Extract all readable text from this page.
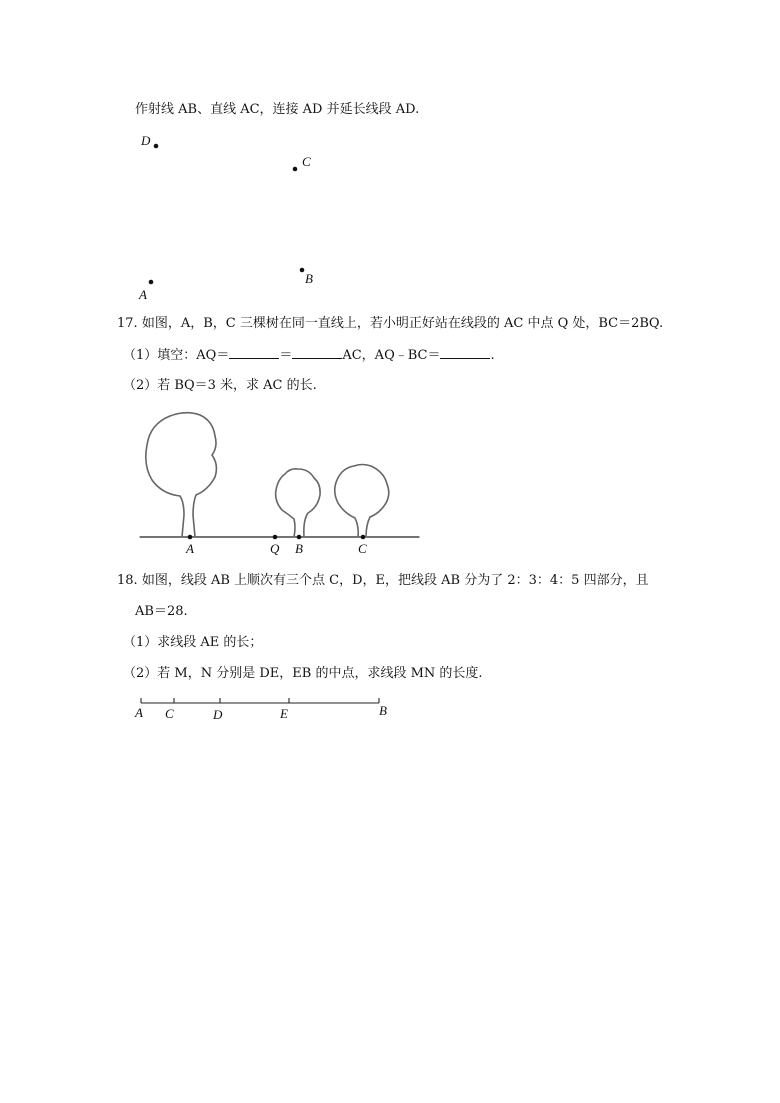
作射线 AB、直线 AC，连接 AD 并延长线段 AD.
17. 如图，A，B，C 三棵树在同一直线上，若小明正好站在线段的 AC 中点 Q 处，BC＝2BQ.
（1）填空：AQ＝	＝	AC，AQ﹣BC＝	.
（2）若 BQ＝3 米，求 AC 的长.
18. 如图，线段 AB 上顺次有三个点 C，D，E，把线段 AB 分为了 2：3：4：5 四部分，且
AB＝28.
（1）求线段 AE 的长；
（2）若 M，N 分别是 DE，EB 的中点，求线段 MN 的长度.
D
C
A
B
A	Q B	C
A C	D	E	B
